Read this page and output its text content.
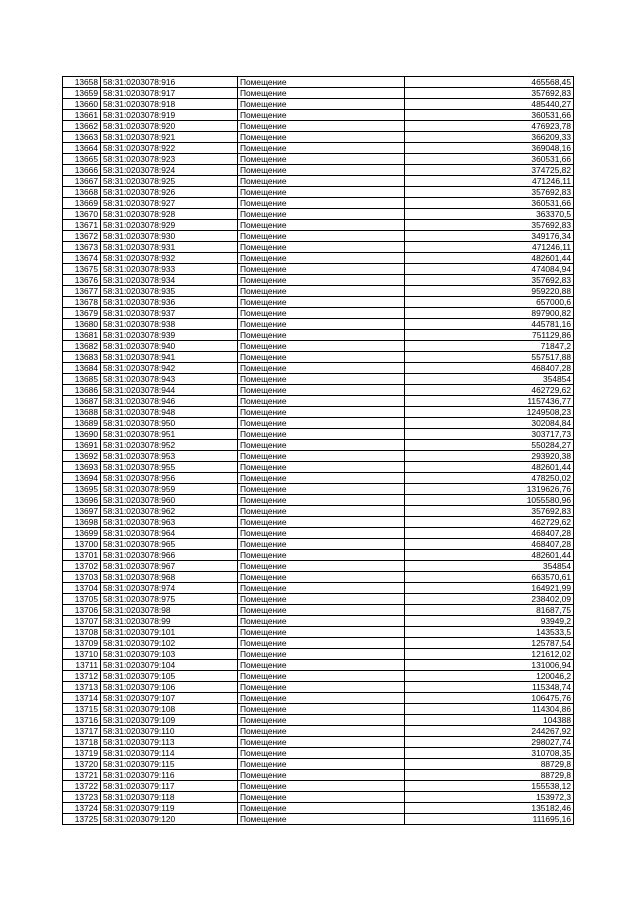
13658	58:31:0203078:916	Помещение	465568,45
13659	58:31:0203078:917	Помещение	357692,83
13660	58:31:0203078:918	Помещение	485440,27
13661	58:31:0203078:919	Помещение	360531,66
13662	58:31:0203078:920	Помещение	476923,78
13663	58:31:0203078:921	Помещение	366209,33
13664	58:31:0203078:922	Помещение	369048,16
13665	58:31:0203078:923	Помещение	360531,66
13666	58:31:0203078:924	Помещение	374725,82
13667	58:31:0203078:925	Помещение	471246,11
13668	58:31:0203078:926	Помещение	357692,83
13669	58:31:0203078:927	Помещение	360531,66
13670	58:31:0203078:928	Помещение	363370,5
13671	58:31:0203078:929	Помещение	357692,83
13672	58:31:0203078:930	Помещение	349176,34
13673	58:31:0203078:931	Помещение	471246,11
13674	58:31:0203078:932	Помещение	482601,44
13675	58:31:0203078:933	Помещение	474084,94
13676	58:31:0203078:934	Помещение	357692,83
13677	58:31:0203078:935	Помещение	959220,88
13678	58:31:0203078:936	Помещение	657000,6
13679	58:31:0203078:937	Помещение	897900,82
13680	58:31:0203078:938	Помещение	445781,16
13681	58:31:0203078:939	Помещение	751129,86
13682	58:31:0203078:940	Помещение	71847,2
13683	58:31:0203078:941	Помещение	557517,88
13684	58:31:0203078:942	Помещение	468407,28
13685	58:31:0203078:943	Помещение	354854
13686	58:31:0203078:944	Помещение	462729,62
13687	58:31:0203078:946	Помещение	1157436,77
13688	58:31:0203078:948	Помещение	1249508,23
13689	58:31:0203078:950	Помещение	302084,84
13690	58:31:0203078:951	Помещение	303717,73
13691	58:31:0203078:952	Помещение	550284,27
13692	58:31:0203078:953	Помещение	293920,38
13693	58:31:0203078:955	Помещение	482601,44
13694	58:31:0203078:956	Помещение	478250,02
13695	58:31:0203078:959	Помещение	1319626,76
13696	58:31:0203078:960	Помещение	1055580,96
13697	58:31:0203078:962	Помещение	357692,83
13698	58:31:0203078:963	Помещение	462729,62
13699	58:31:0203078:964	Помещение	468407,28
13700	58:31:0203078:965	Помещение	468407,28
13701	58:31:0203078:966	Помещение	482601,44
13702	58:31:0203078:967	Помещение	354854
13703	58:31:0203078:968	Помещение	663570,61
13704	58:31:0203078:974	Помещение	164921,99
13705	58:31:0203078:975	Помещение	238402,09
13706	58:31:0203078:98	Помещение	81687,75
13707	58:31:0203078:99	Помещение	93949,2
13708	58:31:0203079:101	Помещение	143533,5
13709	58:31:0203079:102	Помещение	125787,54
13710	58:31:0203079:103	Помещение	121612,02
13711	58:31:0203079:104	Помещение	131006,94
13712	58:31:0203079:105	Помещение	120046,2
13713	58:31:0203079:106	Помещение	115348,74
13714	58:31:0203079:107	Помещение	106475,76
13715	58:31:0203079:108	Помещение	114304,86
13716	58:31:0203079:109	Помещение	104388
13717	58:31:0203079:110	Помещение	244267,92
13718	58:31:0203079:113	Помещение	298027,74
13719	58:31:0203079:114	Помещение	310708,35
13720	58:31:0203079:115	Помещение	88729,8
13721	58:31:0203079:116	Помещение	88729,8
13722	58:31:0203079:117	Помещение	155538,12
13723	58:31:0203079:118	Помещение	153972,3
13724	58:31:0203079:119	Помещение	135182,46
13725	58:31:0203079:120	Помещение	111695,16
